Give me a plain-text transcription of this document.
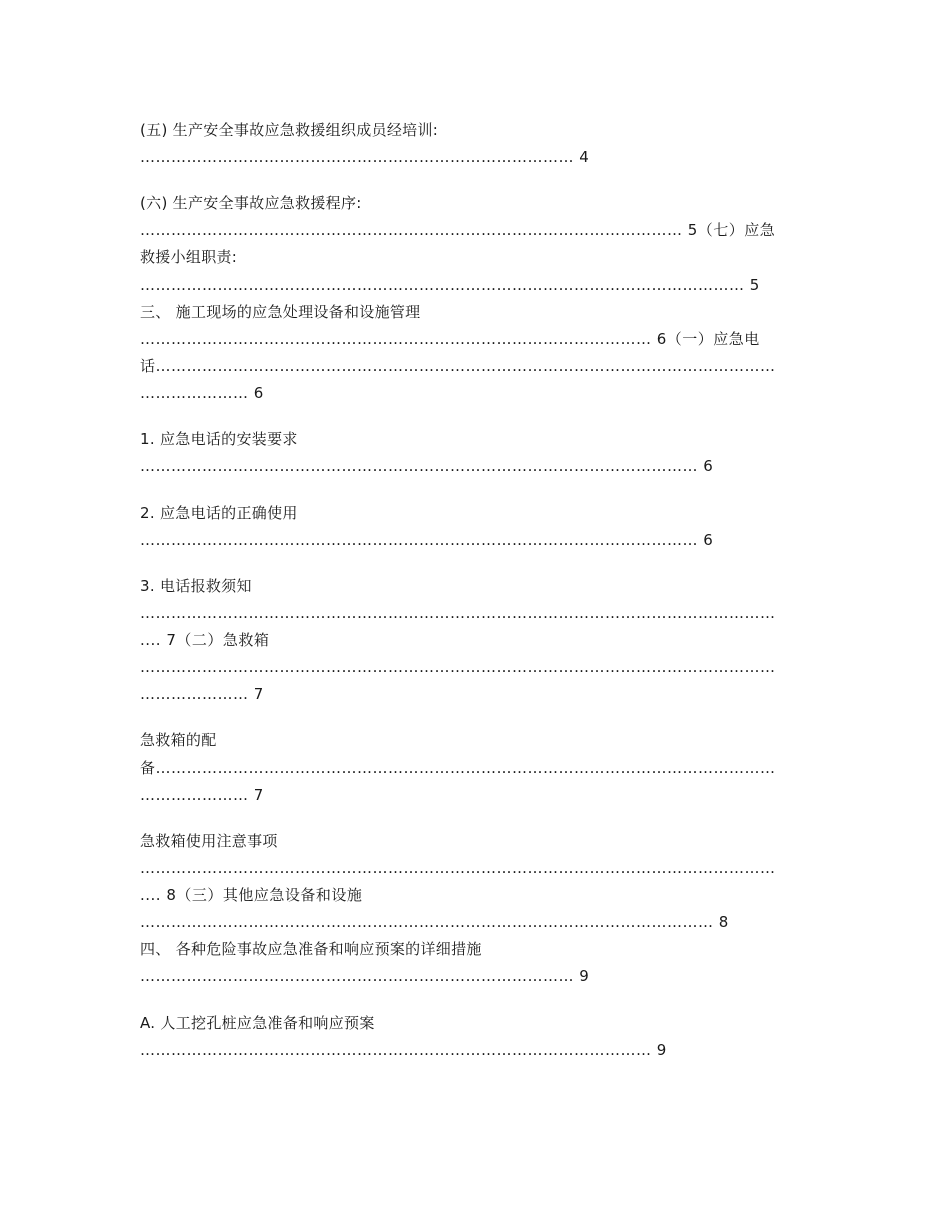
(五) 生产安全事故应急救援组织成员经培训:
………………………………………………………………………… 4
(六) 生产安全事故应急救援程序:
…………………………………………………………………………………………… 5（七）应急
救援小组职责:
……………………………………………………………………………………………………… 5
三、 施工现场的应急处理设备和设施管理
……………………………………………………………………………………… 6（一）应急电
话…………………………………………………………………………………………………………
………………… 6
1. 应急电话的安装要求
……………………………………………………………………………………………… 6
2. 应急电话的正确使用
……………………………………………………………………………………………… 6
3. 电话报救须知
……………………………………………………………………………………………………………
.... 7（二）急救箱
……………………………………………………………………………………………………………
………………… 7
急救箱的配
备…………………………………………………………………………………………………………
………………… 7
急救箱使用注意事项
……………………………………………………………………………………………………………
.... 8（三）其他应急设备和设施
………………………………………………………………………………………………… 8
四、 各种危险事故应急准备和响应预案的详细措施
………………………………………………………………………… 9
A. 人工挖孔桩应急准备和响应预案
……………………………………………………………………………………… 9
